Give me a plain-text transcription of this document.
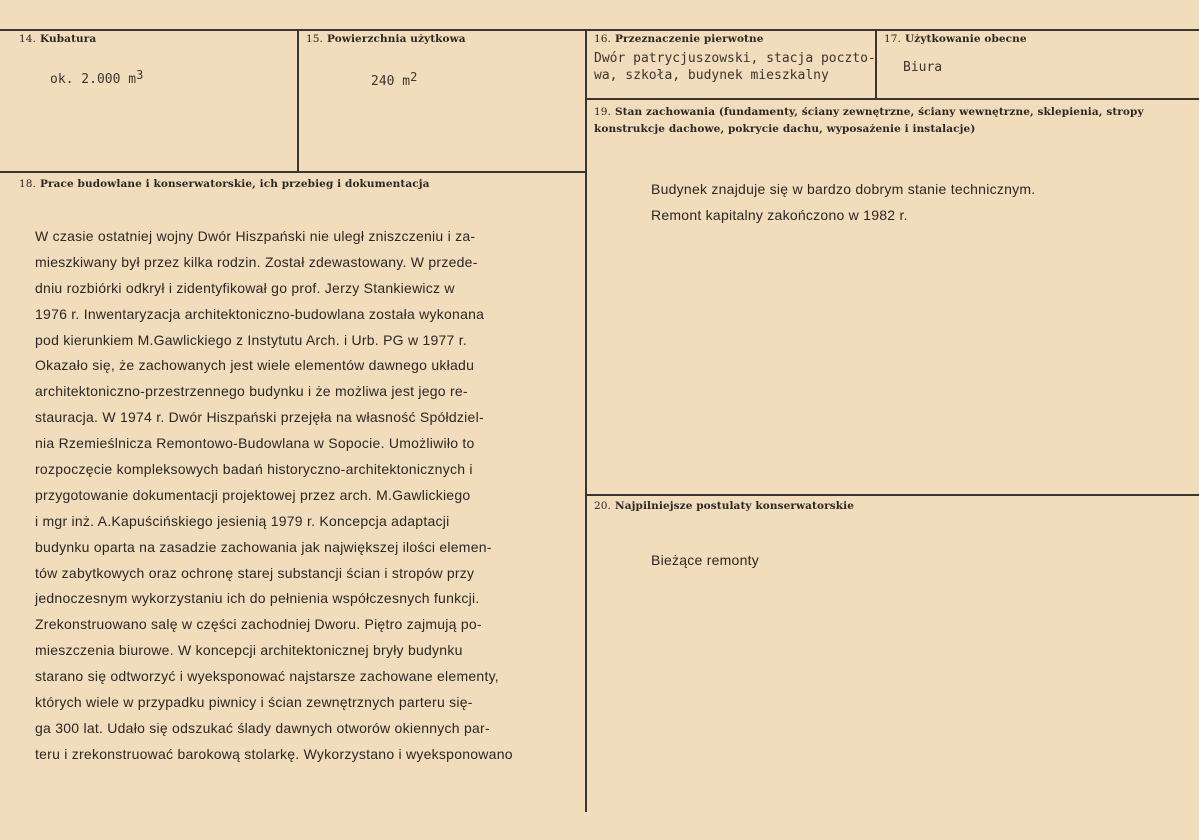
14. Kubatura
ok. 2.000 $m^3$
15. Powierzchnia użytkowa
240 $m^2$
16. Przeznaczenie pierwotne
Dwór patrycjuszowski, stacja poczto-
wa, szkoła, budynek mieszkalny
17. Użytkowanie obecne
Biura
18. Prace budowlane i konserwatorskie, ich przebieg i dokumentacja
W czasie ostatniej wojny Dwór Hiszpański nie uległ zniszczeniu i za-
mieszkiwany był przez kilka rodzin. Został zdewastowany. W przede-
dniu rozbiórki odkrył i zidentyfikował go prof. Jerzy Stankiewicz w
1976 r. Inwentaryzacja architektoniczno-budowlana została wykonana
pod kierunkiem M.Gawlickiego z Instytutu Arch. i Urb. PG w 1977 r.
Okazało się, że zachowanych jest wiele elementów dawnego układu
architektoniczno-przestrzennego budynku i że możliwa jest jego re-
stauracja. W 1974 r. Dwór Hiszpański przejęła na własność Spółdziel-
nia Rzemieślnicza Remontowo-Budowlana w Sopocie. Umożliwiło to
rozpoczęcie kompleksowych badań historyczno-architektonicznych i
przygotowanie dokumentacji projektowej przez arch. M.Gawlickiego
i mgr inż. A.Kapuścińskiego jesienią 1979 r. Koncepcja adaptacji
budynku oparta na zasadzie zachowania jak największej ilości elemen-
tów zabytkowych oraz ochronę starej substancji ścian i stropów przy
jednoczesnym wykorzystaniu ich do pełnienia współczesnych funkcji.
Zrekonstruowano salę w części zachodniej Dworu. Piętro zajmują po-
mieszczenia biurowe. W koncepcji architektonicznej bryły budynku
starano się odtworzyć i wyeksponować najstarsze zachowane elementy,
których wiele w przypadku piwnicy i ścian zewnętrznych parteru się-
ga 300 lat. Udało się odszukać ślady dawnych otworów okiennych par-
teru i zrekonstruować barokową stolarkę. Wykorzystano i wyeksponowano
19. Stan zachowania (fundamenty, ściany zewnętrzne, ściany wewnętrzne, sklepienia, stropy konstrukcje dachowe, pokrycie dachu, wyposażenie i instalacje)
Budynek znajduje się w bardzo dobrym stanie technicznym.
Remont kapitalny zakończono w 1982 r.
20. Najpilniejsze postulaty konserwatorskie
Bieżące remonty
